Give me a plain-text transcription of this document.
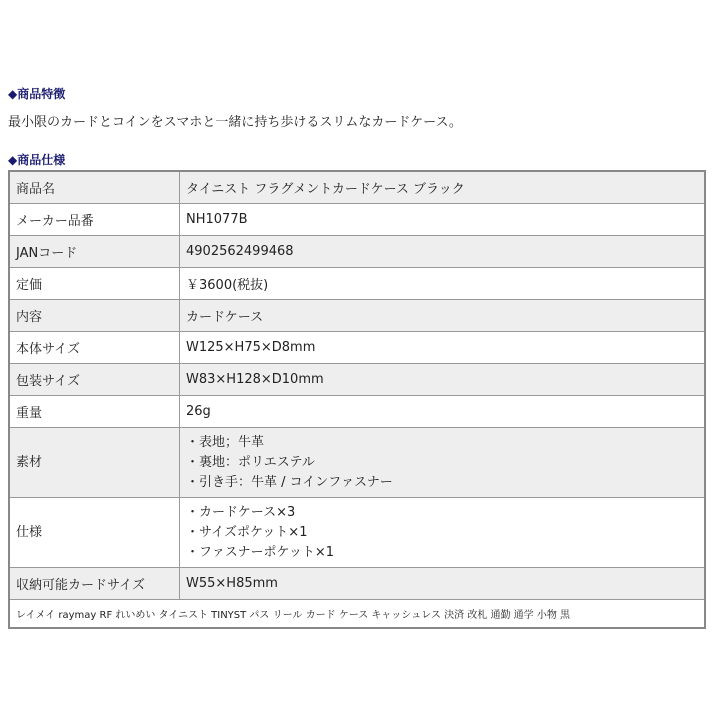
◆商品特徴
最小限のカードとコインをスマホと一緒に持ち歩けるスリムなカードケース。
◆商品仕様
商品名	タイニスト フラグメントカードケース ブラック

メーカー品番	NH1077B

JANコード	4902562499468

定価	￥3600(税抜)

内容	カードケース

本体サイズ	W125×H75×D8mm

包装サイズ	W83×H128×D10mm

重量	26g

素材	・表地；牛革
・裏地：ポリエステル
・引き手：牛革 / コインファスナー

仕様	・カードケース×3
・サイズポケット×1
・ファスナーポケット×1

収納可能カードサイズ	W55×H85mm

レイメイ raymay RF れいめい タイニスト TINYST パス リール カード ケース キャッシュレス 決済 改札 通勤 通学 小物 黒	
